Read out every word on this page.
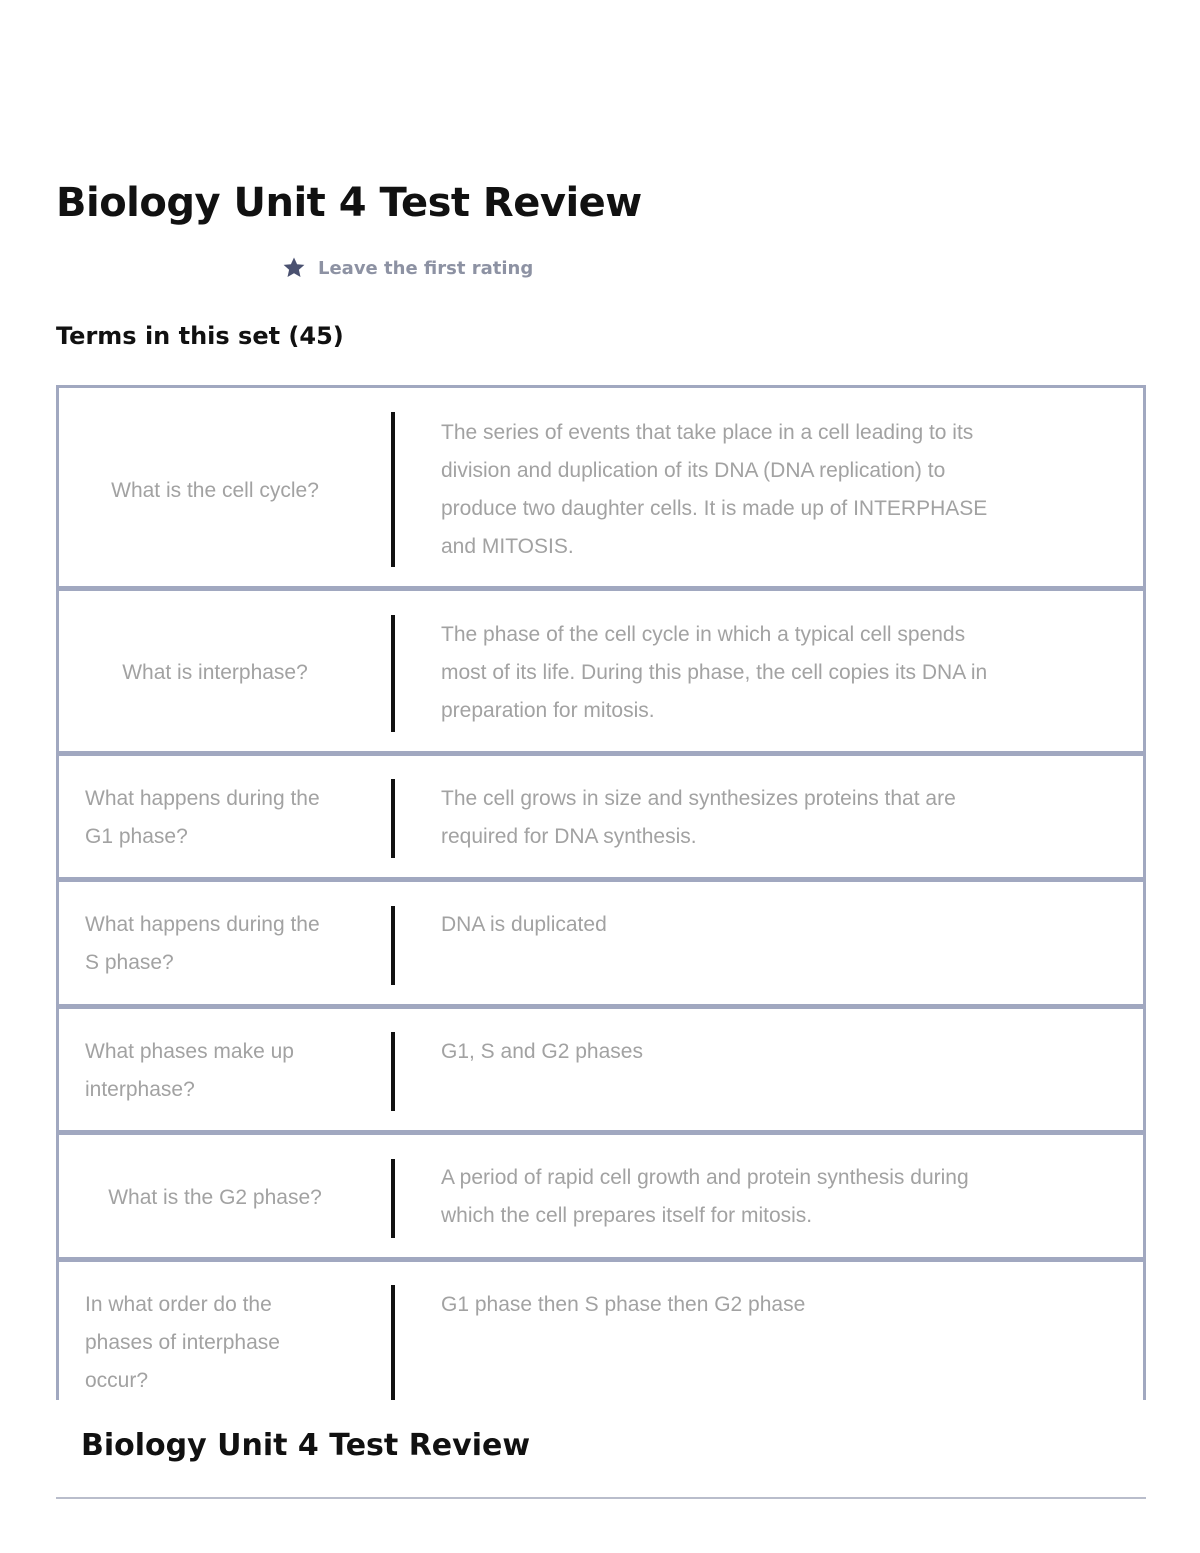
Biology Unit 4 Test Review
Leave the first rating
Terms in this set (45)
What is the cell cycle?
The series of events that take place in a cell leading to its division and duplication of its DNA (DNA replication) to produce two daughter cells. It is made up of INTERPHASE and MITOSIS.
What is interphase?
The phase of the cell cycle in which a typical cell spends most of its life. During this phase, the cell copies its DNA in preparation for mitosis.
What happens during the G1 phase?
The cell grows in size and synthesizes proteins that are required for DNA synthesis.
What happens during the S phase?
DNA is duplicated
What phases make up interphase?
G1, S and G2 phases
What is the G2 phase?
A period of rapid cell growth and protein synthesis during which the cell prepares itself for mitosis.
In what order do the phases of interphase occur?
G1 phase then S phase then G2 phase
Biology Unit 4 Test Review
